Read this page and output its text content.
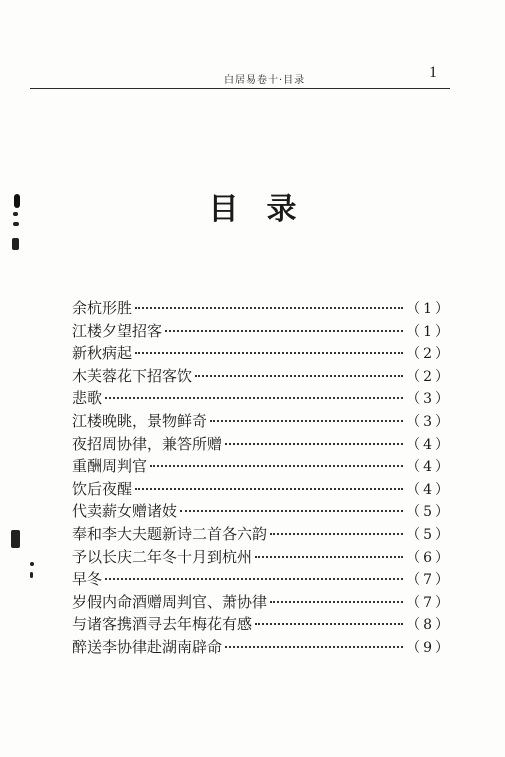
白居易卷十·目录	1
目录
余杭形胜	（1）
江楼夕望招客	（1）
新秋病起	（2）
木芙蓉花下招客饮	（2）
悲歌	（3）
江楼晚眺，景物鲜奇	（3）
夜招周协律，兼答所赠	（4）
重酬周判官	（4）
饮后夜醒	（4）
代卖薪女赠诸妓	（5）
奉和李大夫题新诗二首各六韵	（5）
予以长庆二年冬十月到杭州	（6）
早冬	（7）
岁假内命酒赠周判官、萧协律	（7）
与诸客携酒寻去年梅花有感	（8）
醉送李协律赴湖南辟命	（9）
